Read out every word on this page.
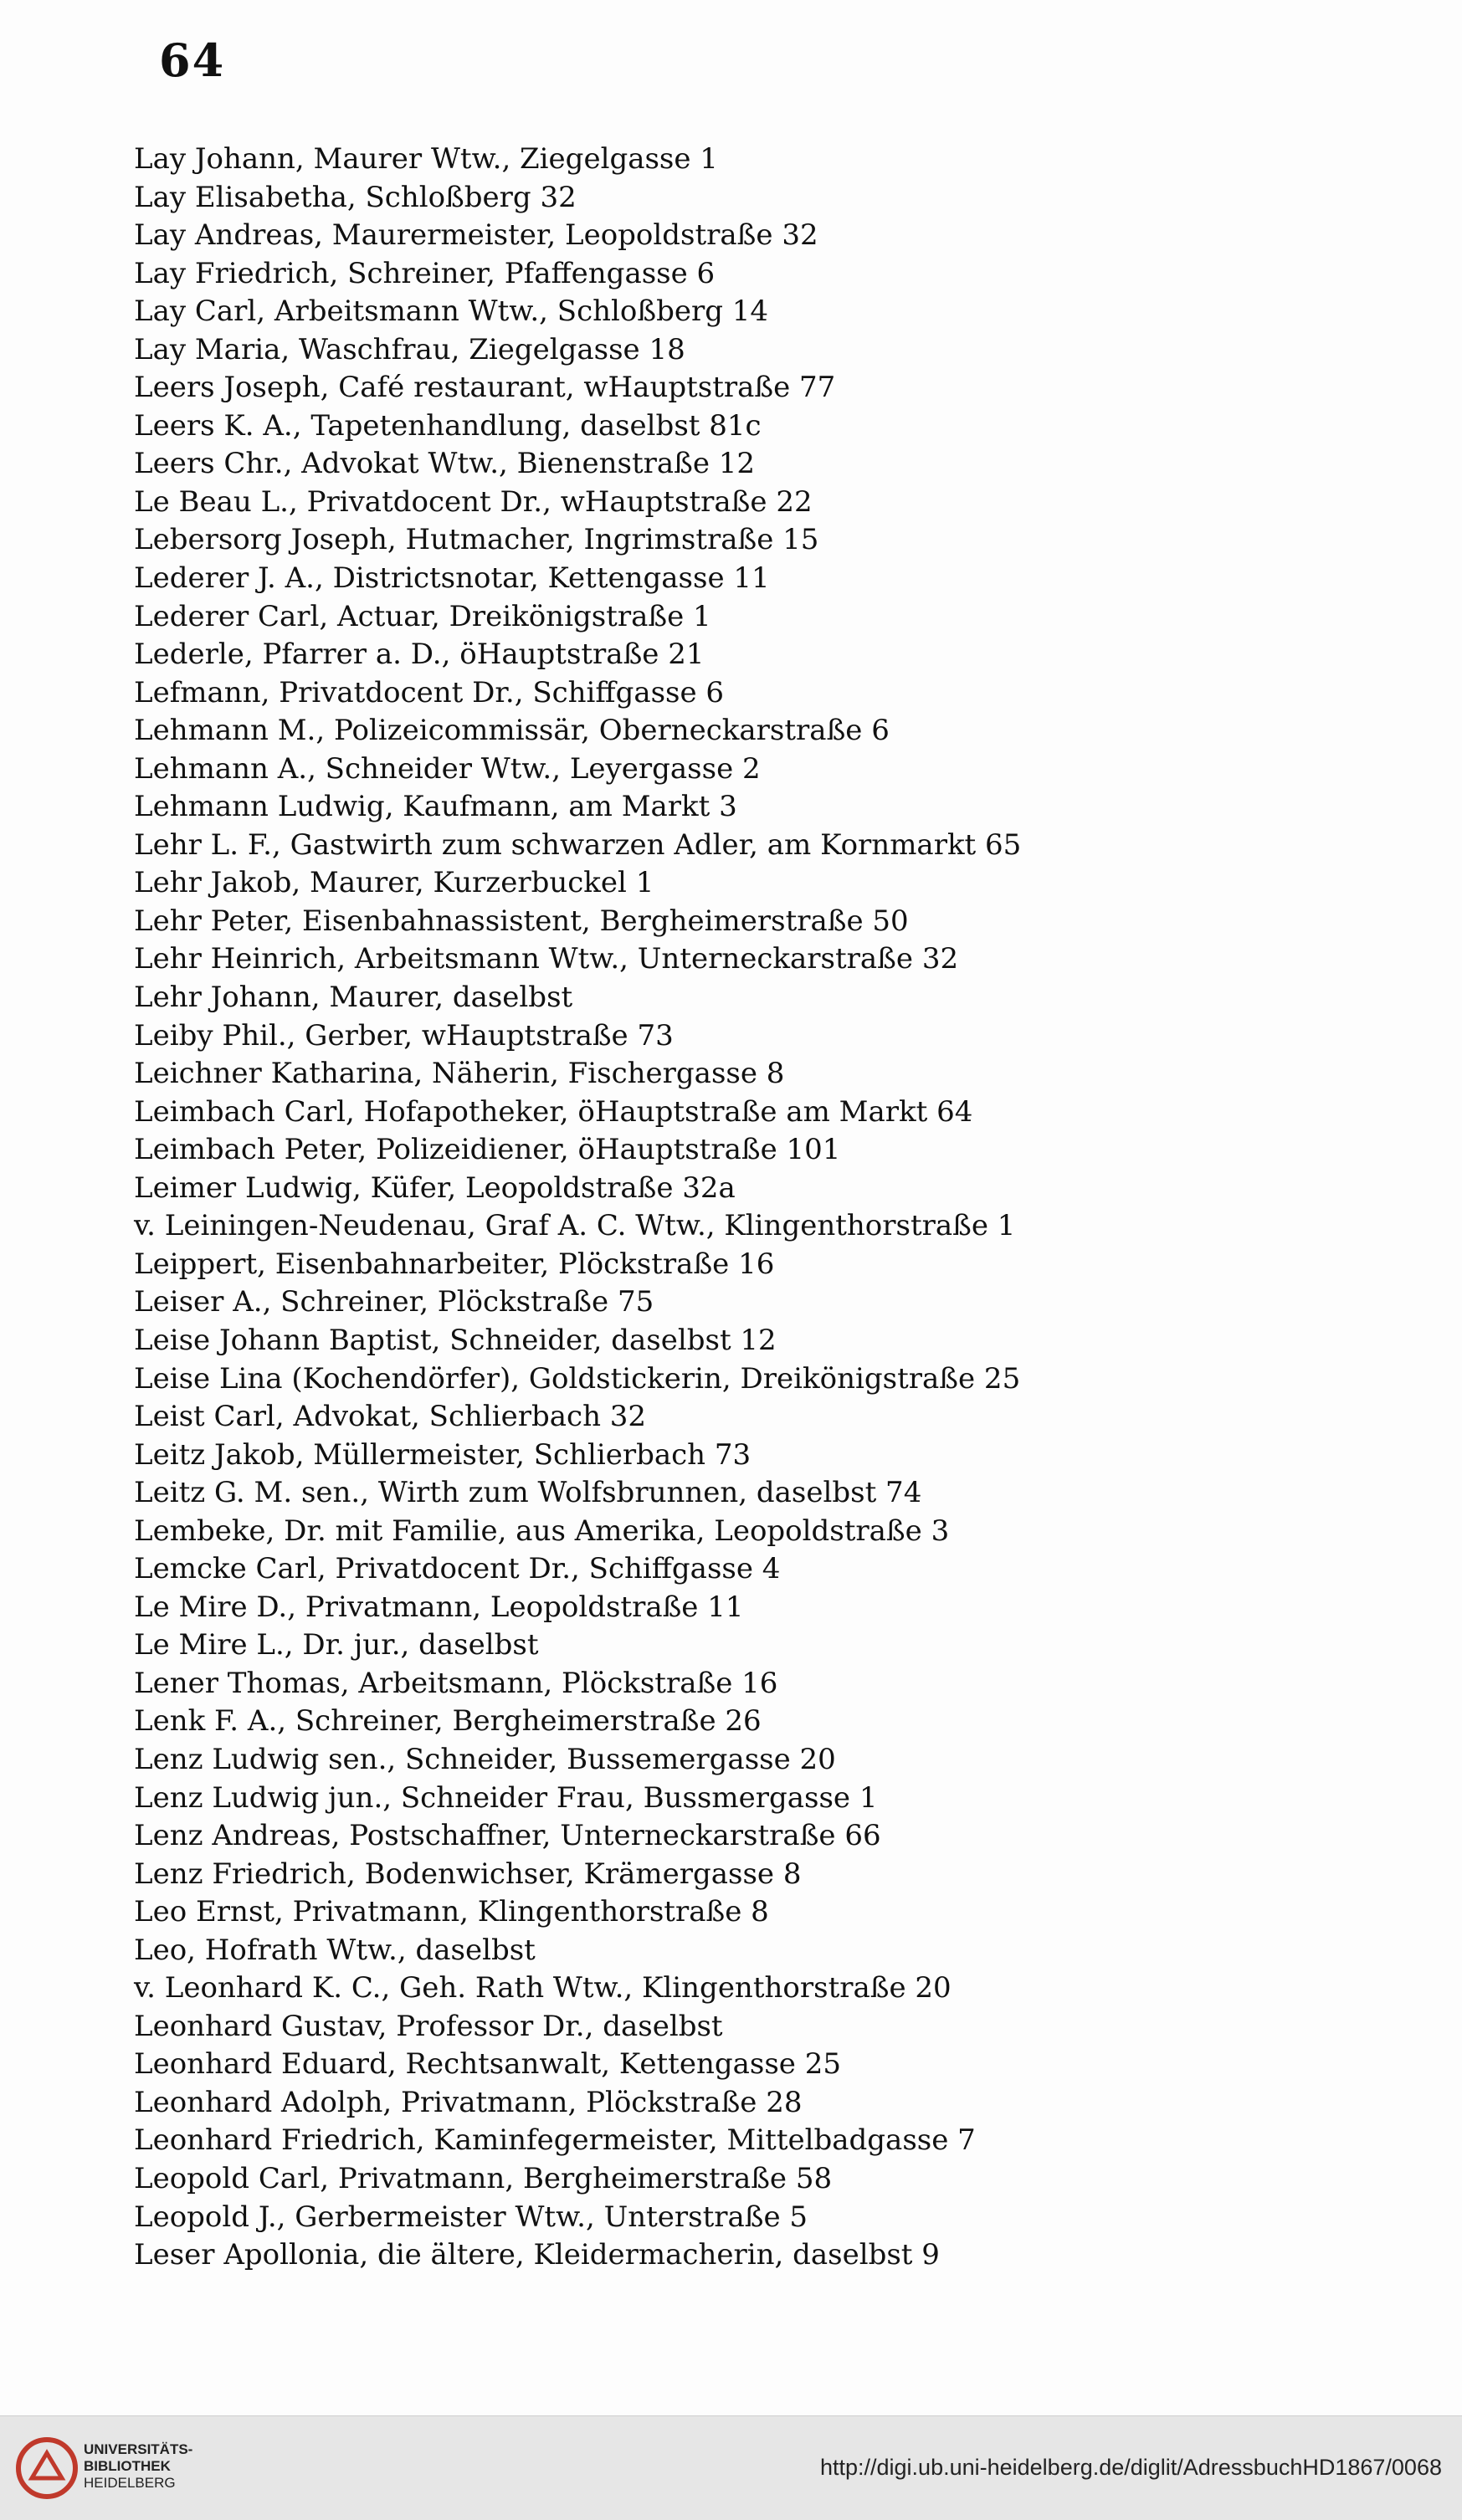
64
Lay Johann, Maurer Wtw., Ziegelgasse 1
Lay Elisabetha, Schloßberg 32
Lay Andreas, Maurermeister, Leopoldstraße 32
Lay Friedrich, Schreiner, Pfaffengasse 6
Lay Carl, Arbeitsmann Wtw., Schloßberg 14
Lay Maria, Waschfrau, Ziegelgasse 18
Leers Joseph, Café restaurant, wHauptstraße 77
Leers K. A., Tapetenhandlung, daselbst 81c
Leers Chr., Advokat Wtw., Bienenstraße 12
Le Beau L., Privatdocent Dr., wHauptstraße 22
Lebersorg Joseph, Hutmacher, Ingrimstraße 15
Lederer J. A., Districtsnotar, Kettengasse 11
Lederer Carl, Actuar, Dreikönigstraße 1
Lederle, Pfarrer a. D., öHauptstraße 21
Lefmann, Privatdocent Dr., Schiffgasse 6
Lehmann M., Polizeicommissär, Oberneckarstraße 6
Lehmann A., Schneider Wtw., Leyergasse 2
Lehmann Ludwig, Kaufmann, am Markt 3
Lehr L. F., Gastwirth zum schwarzen Adler, am Kornmarkt 65
Lehr Jakob, Maurer, Kurzerbuckel 1
Lehr Peter, Eisenbahnassistent, Bergheimerstraße 50
Lehr Heinrich, Arbeitsmann Wtw., Unterneckarstraße 32
Lehr Johann, Maurer, daselbst
Leiby Phil., Gerber, wHauptstraße 73
Leichner Katharina, Näherin, Fischergasse 8
Leimbach Carl, Hofapotheker, öHauptstraße am Markt 64
Leimbach Peter, Polizeidiener, öHauptstraße 101
Leimer Ludwig, Küfer, Leopoldstraße 32a
v. Leiningen-Neudenau, Graf A. C. Wtw., Klingenthorstraße 1
Leippert, Eisenbahnarbeiter, Plöckstraße 16
Leiser A., Schreiner, Plöckstraße 75
Leise Johann Baptist, Schneider, daselbst 12
Leise Lina (Kochendörfer), Goldstickerin, Dreikönigstraße 25
Leist Carl, Advokat, Schlierbach 32
Leitz Jakob, Müllermeister, Schlierbach 73
Leitz G. M. sen., Wirth zum Wolfsbrunnen, daselbst 74
Lembeke, Dr. mit Familie, aus Amerika, Leopoldstraße 3
Lemcke Carl, Privatdocent Dr., Schiffgasse 4
Le Mire D., Privatmann, Leopoldstraße 11
Le Mire L., Dr. jur., daselbst
Lener Thomas, Arbeitsmann, Plöckstraße 16
Lenk F. A., Schreiner, Bergheimerstraße 26
Lenz Ludwig sen., Schneider, Bussemergasse 20
Lenz Ludwig jun., Schneider Frau, Bussmergasse 1
Lenz Andreas, Postschaffner, Unterneckarstraße 66
Lenz Friedrich, Bodenwichser, Krämergasse 8
Leo Ernst, Privatmann, Klingenthorstraße 8
Leo, Hofrath Wtw., daselbst
v. Leonhard K. C., Geh. Rath Wtw., Klingenthorstraße 20
Leonhard Gustav, Professor Dr., daselbst
Leonhard Eduard, Rechtsanwalt, Kettengasse 25
Leonhard Adolph, Privatmann, Plöckstraße 28
Leonhard Friedrich, Kaminfegermeister, Mittelbadgasse 7
Leopold Carl, Privatmann, Bergheimerstraße 58
Leopold J., Gerbermeister Wtw., Unterstraße 5
Leser Apollonia, die ältere, Kleidermacherin, daselbst 9
UNIVERSITÄTS-
BIBLIOTHEK
HEIDELBERG
http://digi.ub.uni-heidelberg.de/diglit/AdressbuchHD1867/0068
